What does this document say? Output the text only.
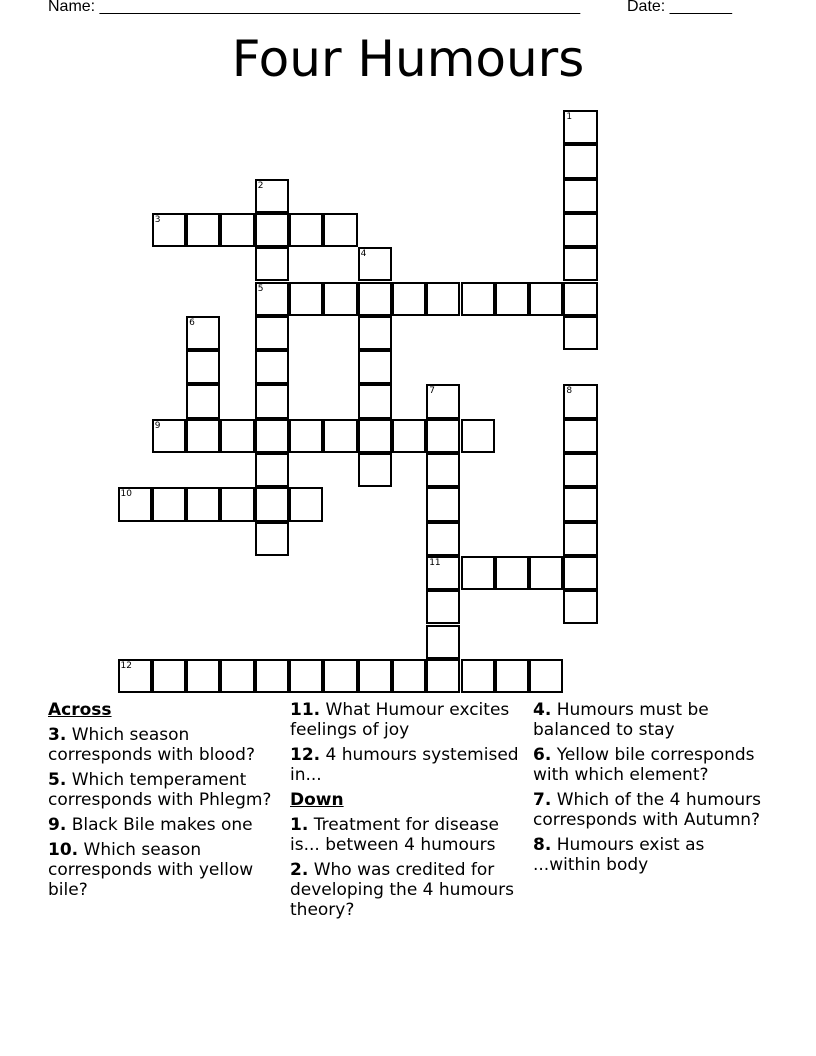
Name: ______________________________________________________	Date: _______
Four Humours
3
5
9
10
11
12
1
2
4
6
7	8
Across
3. Which season corresponds with blood?
5. Which temperament corresponds with Phlegm?
9. Black Bile makes one
10. Which season corresponds with yellow bile?
11. What Humour excites feelings of joy
12. 4 humours systemised in...
Down
1. Treatment for disease is... between 4 humours
2. Who was credited for developing the 4 humours theory?
4. Humours must be balanced to stay
6. Yellow bile corresponds with which element?
7. Which of the 4 humours corresponds with Autumn?
8. Humours exist as ...within body
